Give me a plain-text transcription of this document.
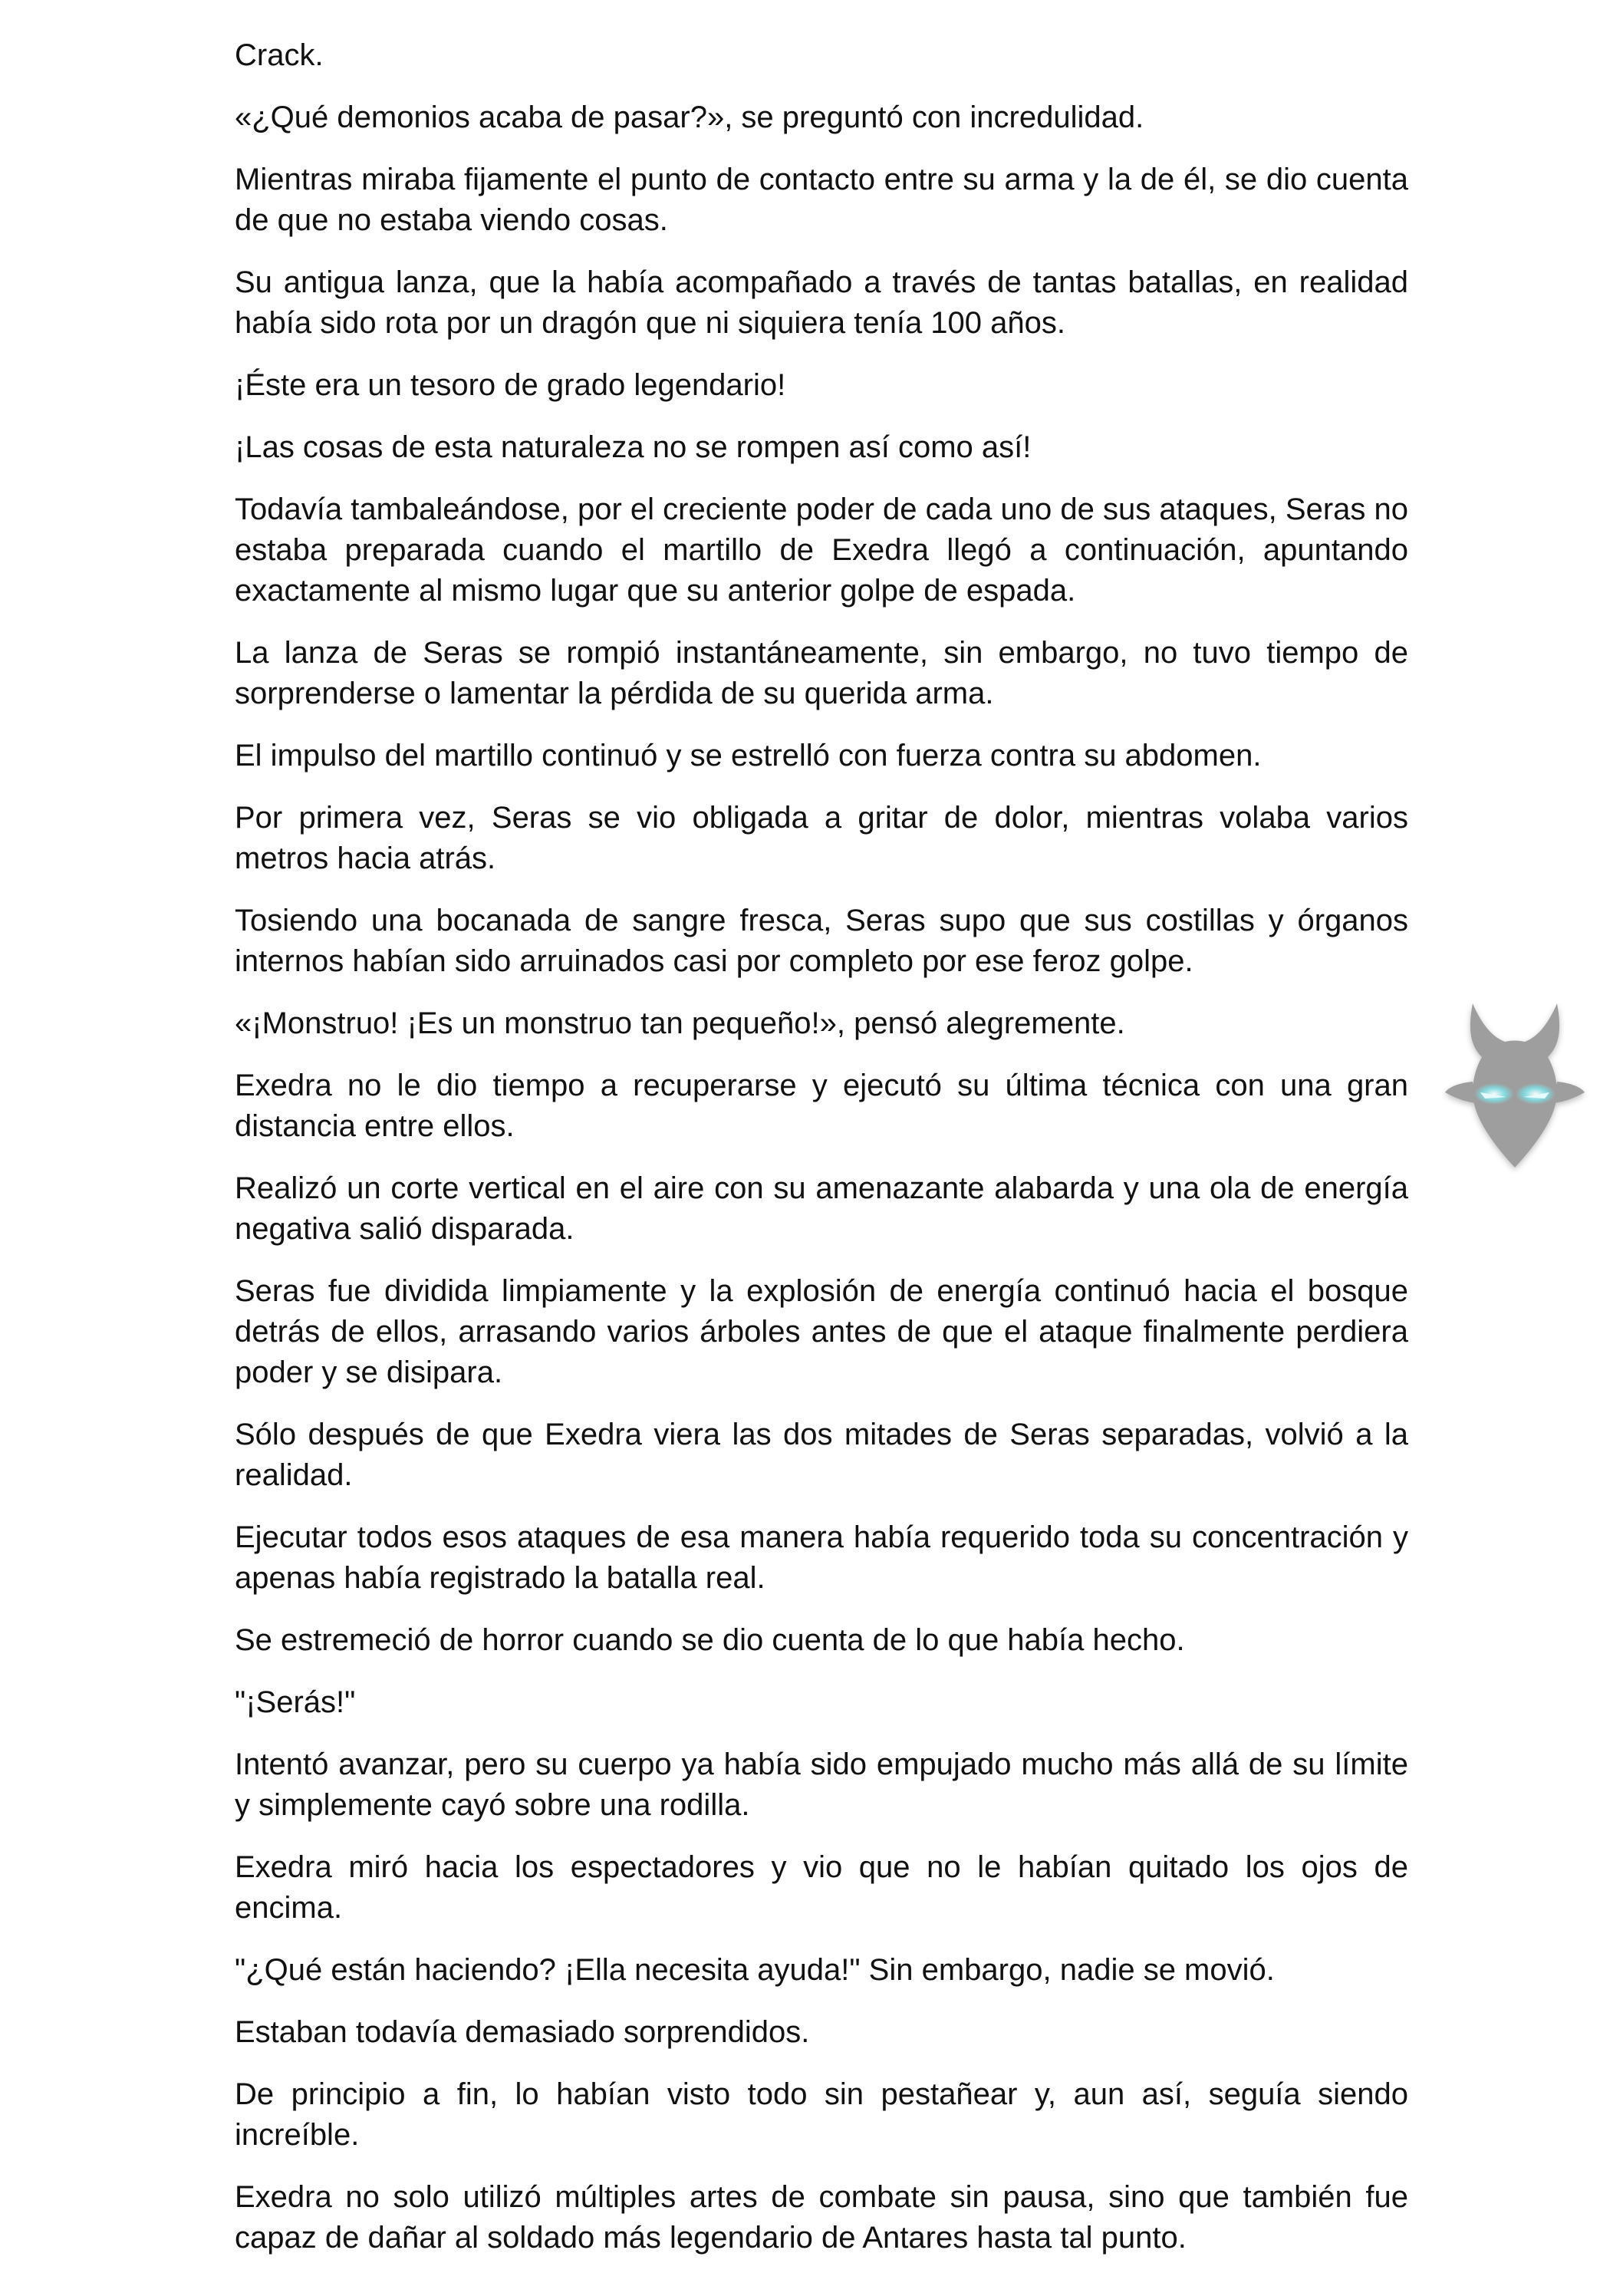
Crack.

«¿Qué demonios acaba de pasar?», se preguntó con incredulidad.

Mientras miraba fijamente el punto de contacto entre su arma y la de él, se dio cuenta de que no estaba viendo cosas.

Su antigua lanza, que la había acompañado a través de tantas batallas, en realidad había sido rota por un dragón que ni siquiera tenía 100 años.

¡Éste era un tesoro de grado legendario!

¡Las cosas de esta naturaleza no se rompen así como así!

Todavía tambaleándose, por el creciente poder de cada uno de sus ataques, Seras no estaba preparada cuando el martillo de Exedra llegó a continuación, apuntando exactamente al mismo lugar que su anterior golpe de espada.

La lanza de Seras se rompió instantáneamente, sin embargo, no tuvo tiempo de sorprenderse o lamentar la pérdida de su querida arma.

El impulso del martillo continuó y se estrelló con fuerza contra su abdomen.

Por primera vez, Seras se vio obligada a gritar de dolor, mientras volaba varios metros hacia atrás.

Tosiendo una bocanada de sangre fresca, Seras supo que sus costillas y órganos internos habían sido arruinados casi por completo por ese feroz golpe.

«¡Monstruo! ¡Es un monstruo tan pequeño!», pensó alegremente.

Exedra no le dio tiempo a recuperarse y ejecutó su última técnica con una gran distancia entre ellos.

Realizó un corte vertical en el aire con su amenazante alabarda y una ola de energía negativa salió disparada.

Seras fue dividida limpiamente y la explosión de energía continuó hacia el bosque detrás de ellos, arrasando varios árboles antes de que el ataque finalmente perdiera poder y se disipara.

Sólo después de que Exedra viera las dos mitades de Seras separadas, volvió a la realidad.

Ejecutar todos esos ataques de esa manera había requerido toda su concentración y apenas había registrado la batalla real.

Se estremeció de horror cuando se dio cuenta de lo que había hecho.

"¡Serás!"

Intentó avanzar, pero su cuerpo ya había sido empujado mucho más allá de su límite y simplemente cayó sobre una rodilla.

Exedra miró hacia los espectadores y vio que no le habían quitado los ojos de encima.

"¿Qué están haciendo? ¡Ella necesita ayuda!" Sin embargo, nadie se movió.

Estaban todavía demasiado sorprendidos.

De principio a fin, lo habían visto todo sin pestañear y, aun así, seguía siendo increíble.

Exedra no solo utilizó múltiples artes de combate sin pausa, sino que también fue capaz de dañar al soldado más legendario de Antares hasta tal punto.
